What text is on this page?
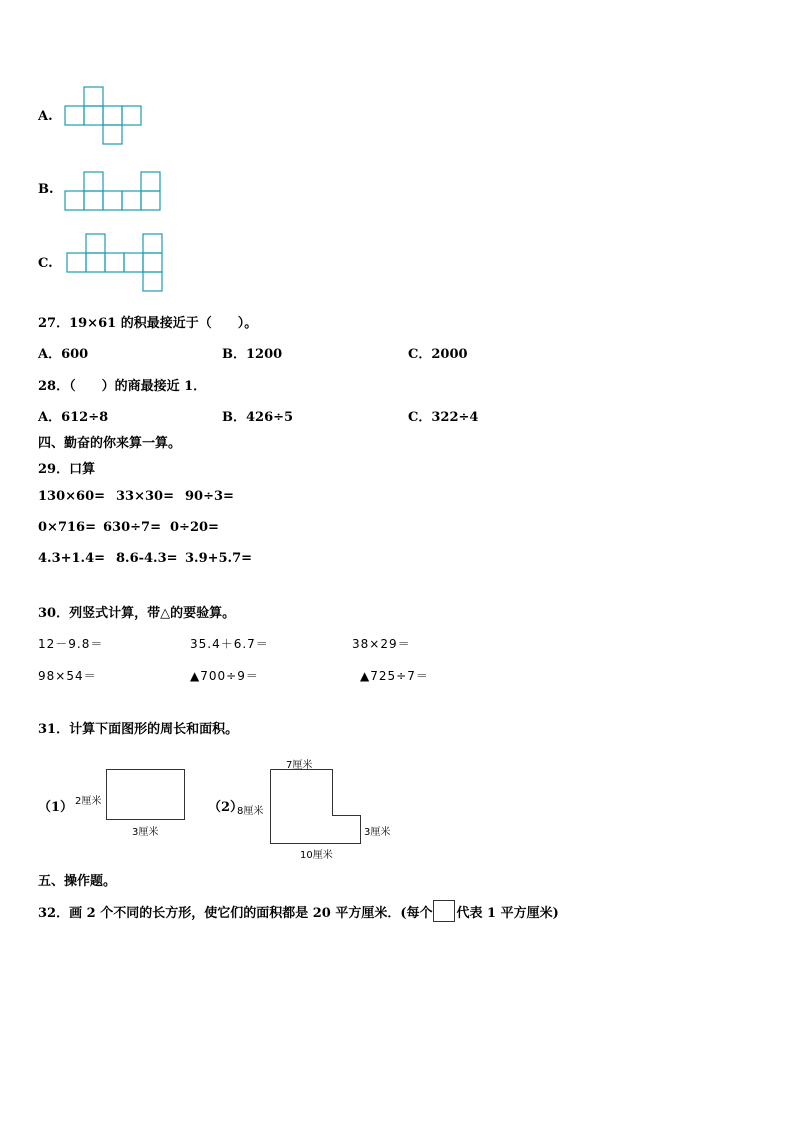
A.
B.
C.
27．19×61 的积最接近于（　　）。
A．600	B．1200	C．2000
28．（　　）的商最接近 1．
A．612÷8	B．426÷5	C．322÷4
四、勤奋的你来算一算。
29．口算
130×60= 33×30= 90÷3=
0×716= 630÷7= 0÷20=
4.3+1.4= 8.6-4.3= 3.9+5.7=
30．列竖式计算，带△的要验算。
12－9.8＝	35.4＋6.7＝	38×29＝
98×54＝	▲700÷9＝	▲725÷7＝
31．计算下面图形的周长和面积。
（1） 2厘米
3厘米
（2）
7厘米
8厘米
3厘米
10厘米
五、操作题。
32．画 2 个不同的长方形，使它们的面积都是 20 平方厘米．(每个 代表 1 平方厘米)
